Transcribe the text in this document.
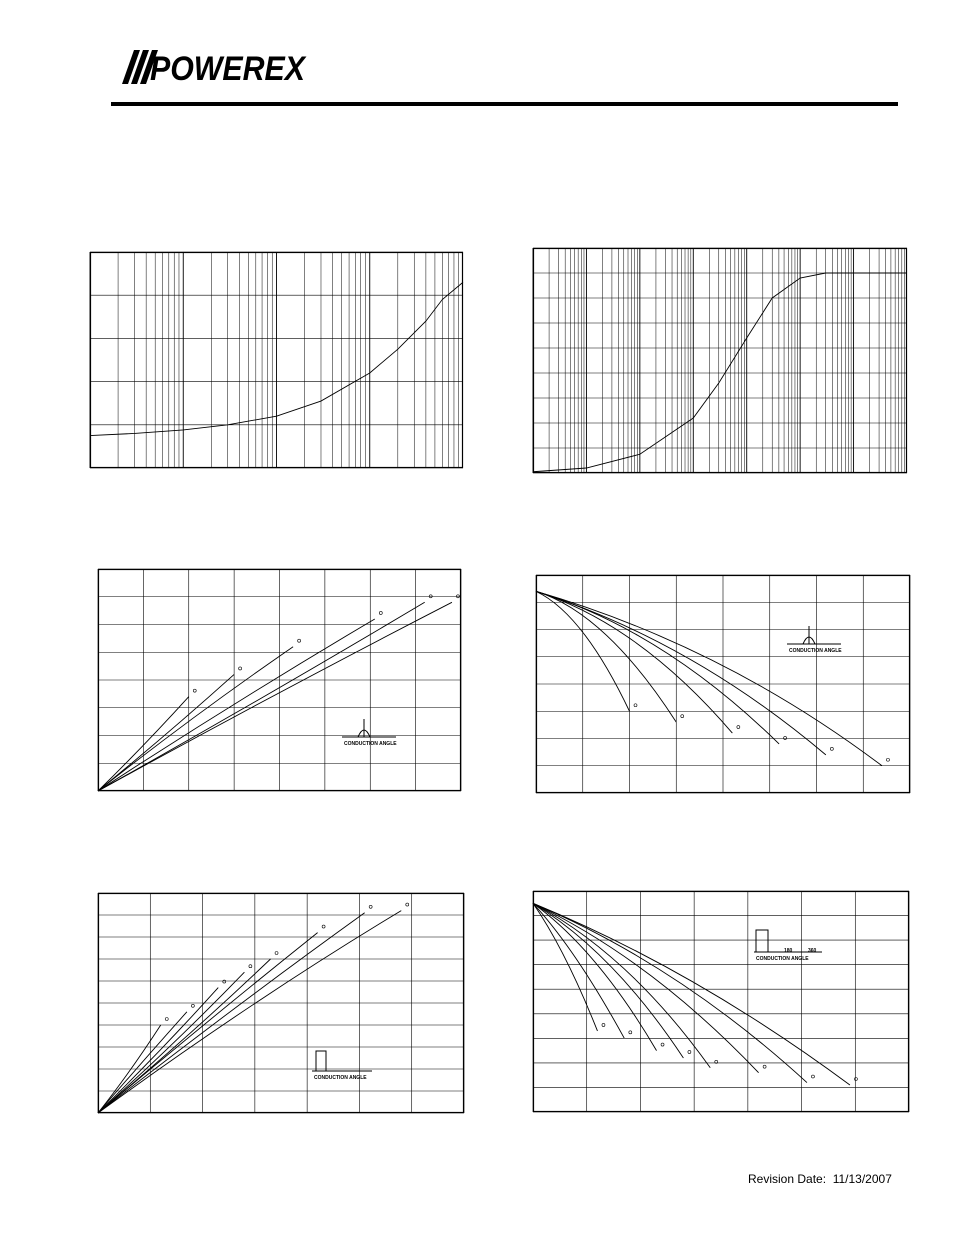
POWEREX
CONDUCTION ANGLE
CONDUCTION ANGLE
CONDUCTION ANGLE
180	360
CONDUCTION ANGLE
Revision Date:  11/13/2007
